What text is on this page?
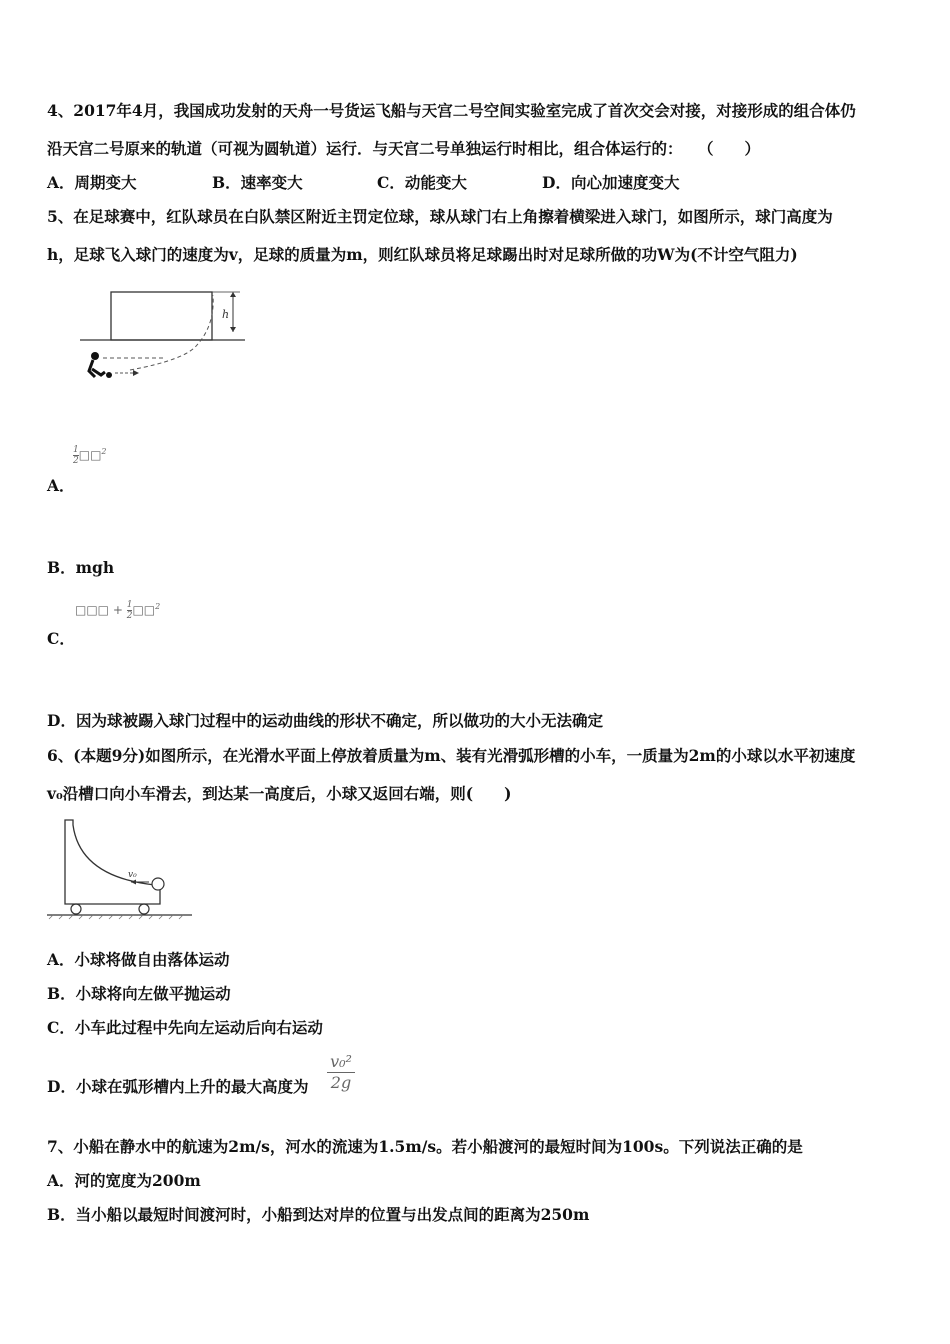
4、2017年4月，我国成功发射的天舟一号货运飞船与天宫二号空间实验室完成了首次交会对接，对接形成的组合体仍
沿天宫二号原来的轨道（可视为圆轨道）运行．与天宫二号单独运行时相比，组合体运行的：　　（　　）
A．周期变大	B．速率变大	C．动能变大	D．向心加速度变大
5、在足球赛中，红队球员在白队禁区附近主罚定位球，球从球门右上角擦着横梁进入球门，如图所示，球门高度为
h，足球飞入球门的速度为v，足球的质量为m，则红队球员将足球踢出时对足球所做的功W为(不计空气阻力)
h
$\frac{1}{2}□□^2$
A．
B．mgh
□□□ + $\frac{1}{2}□□^2$
C．
D．因为球被踢入球门过程中的运动曲线的形状不确定，所以做功的大小无法确定
6、(本题9分)如图所示，在光滑水平面上停放着质量为m、装有光滑弧形槽的小车，一质量为2m的小球以水平初速度
v₀沿槽口向小车滑去，到达某一高度后，小球又返回右端，则(　　)
v₀
A．小球将做自由落体运动
B．小球将向左做平抛运动
C．小车此过程中先向左运动后向右运动
D．小球在弧形槽内上升的最大高度为
v₀²
2g
7、小船在静水中的航速为2m/s，河水的流速为1.5m/s。若小船渡河的最短时间为100s。下列说法正确的是
A．河的宽度为200m
B．当小船以最短时间渡河时，小船到达对岸的位置与出发点间的距离为250m
